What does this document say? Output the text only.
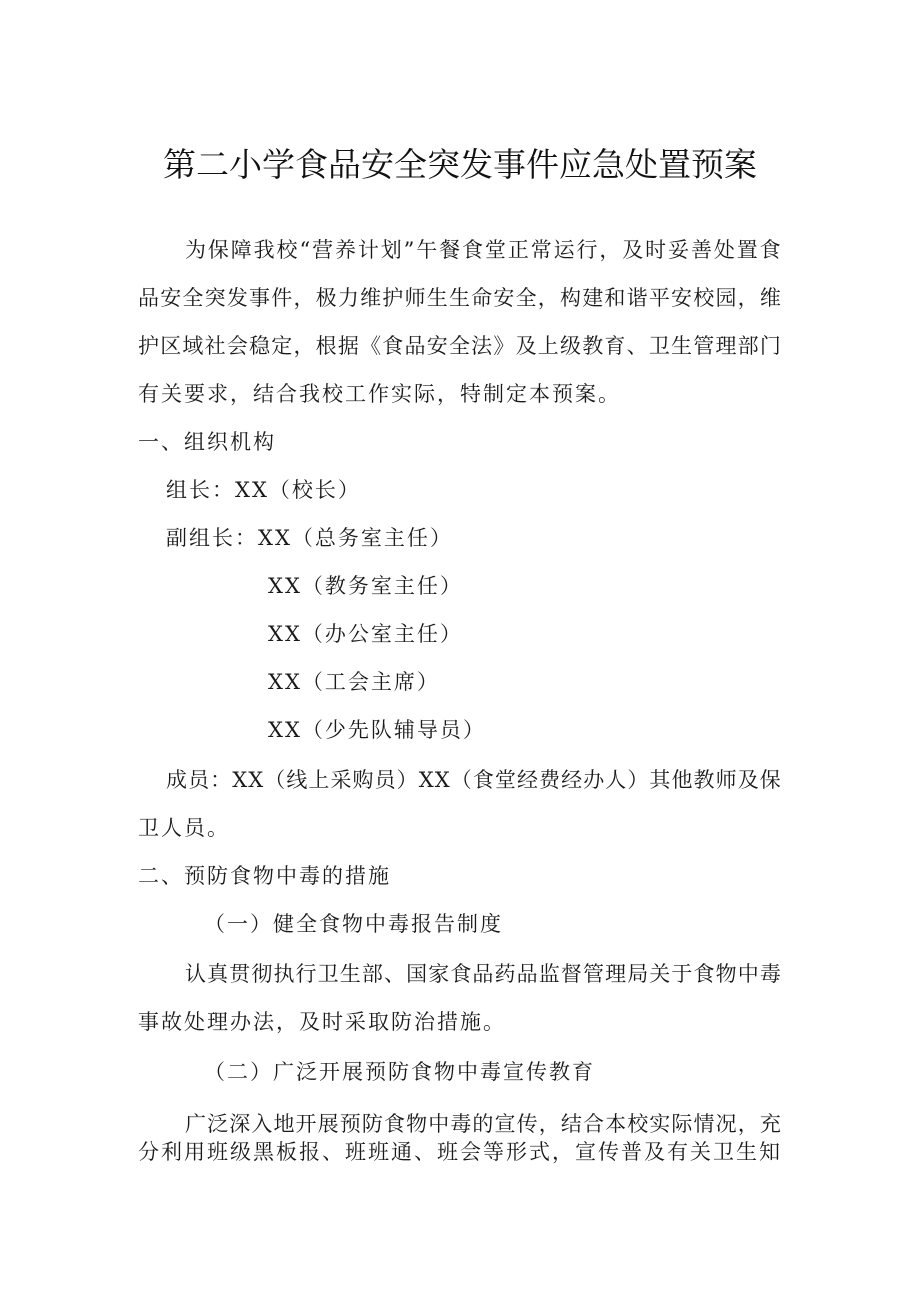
第二小学食品安全突发事件应急处置预案
为保障我校“营养计划”午餐食堂正常运行，及时妥善处置食
品安全突发事件，极力维护师生生命安全，构建和谐平安校园，维
护区域社会稳定，根据《食品安全法》及上级教育、卫生管理部门
有关要求，结合我校工作实际，特制定本预案。
一、组织机构
组长：XX（校长）
副组长：XX（总务室主任）
XX（教务室主任）
XX（办公室主任）
XX（工会主席）
XX（少先队辅导员）
成员：XX（线上采购员）XX（食堂经费经办人）其他教师及保
卫人员。
二、预防食物中毒的措施
（一）健全食物中毒报告制度
认真贯彻执行卫生部、国家食品药品监督管理局关于食物中毒
事故处理办法，及时采取防治措施。
（二）广泛开展预防食物中毒宣传教育
广泛深入地开展预防食物中毒的宣传，结合本校实际情况，充
分利用班级黑板报、班班通、班会等形式，宣传普及有关卫生知
